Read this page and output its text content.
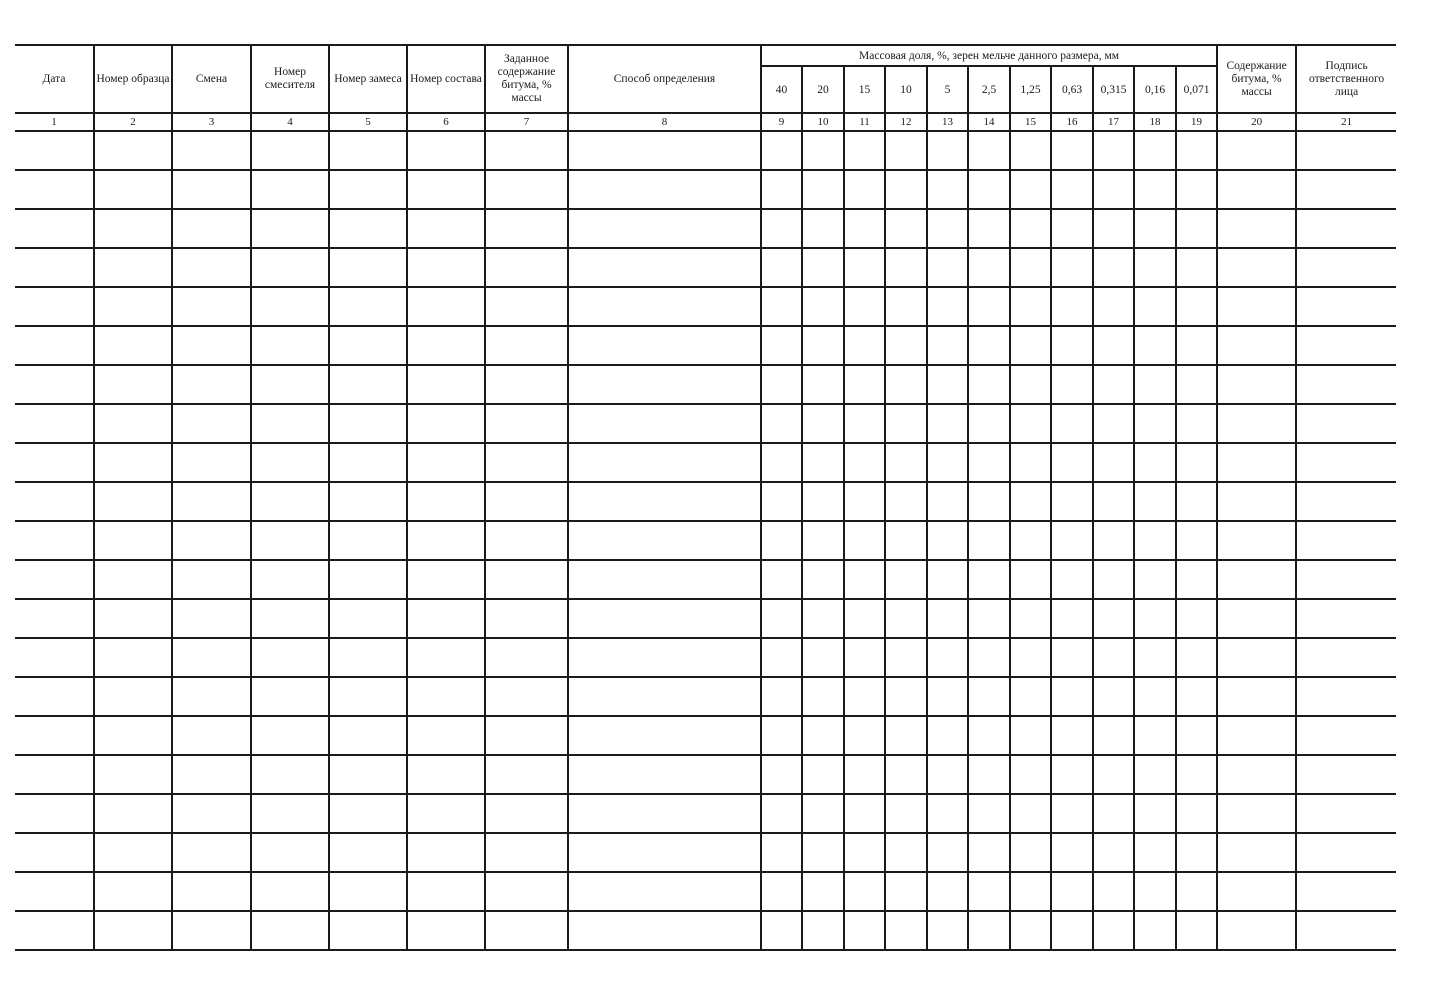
Дата	Номер образца	Смена	Номер смесителя	Номер замеса	Номер состава	Заданное содержание битума, % массы	Способ определения	Массовая доля, %, зерен мельче данного размера, мм											Содержание битума, % массы	Подпись ответственного лица
								40	20	15	10	5	2,5	1,25	0,63	0,315	0,16	0,071		
1	2	3	4	5	6	7	8	9	10	11	12	13	14	15	16	17	18	19	20	21
